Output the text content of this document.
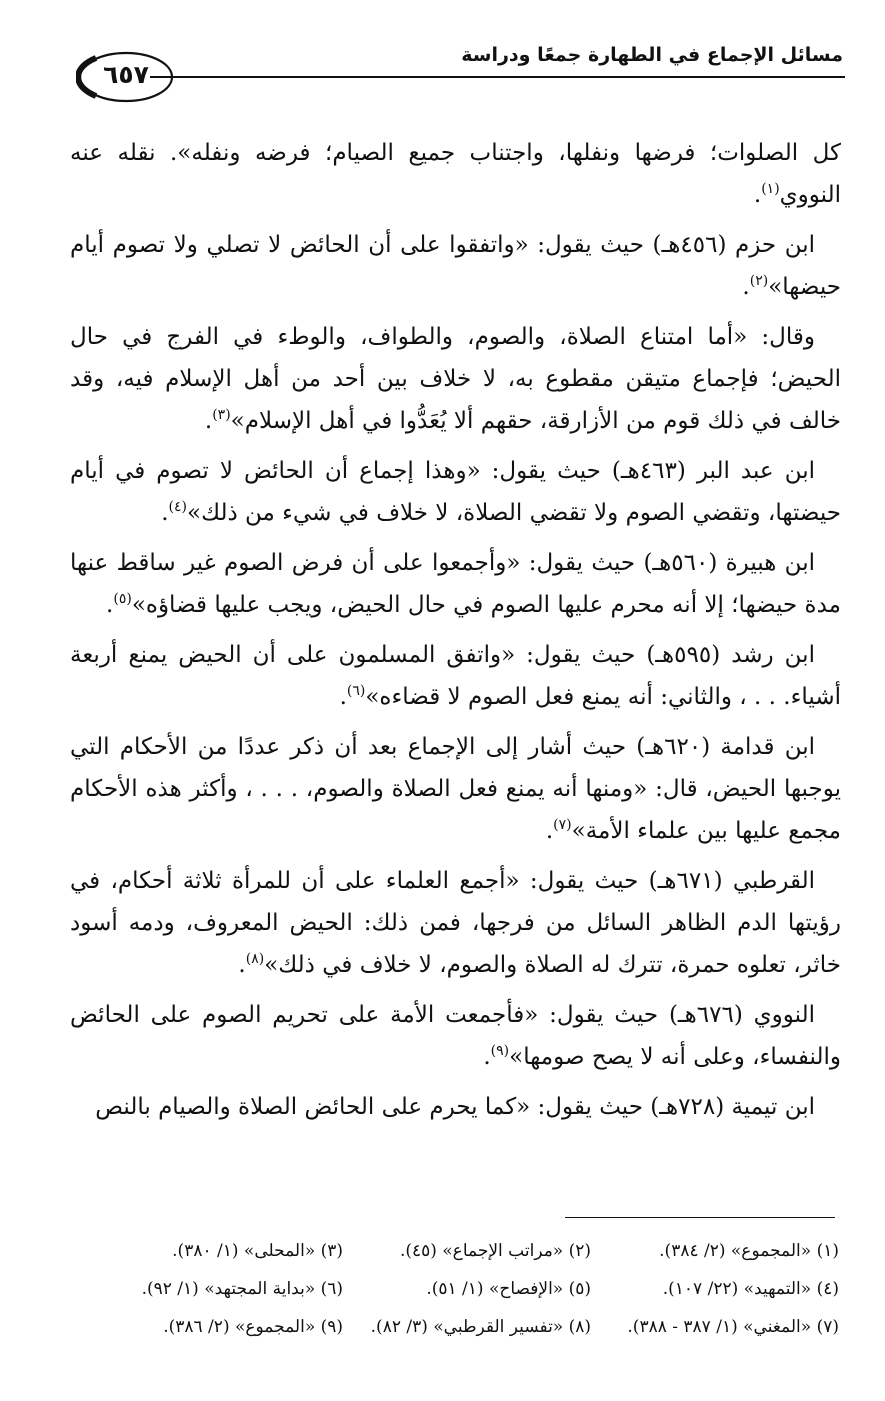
مسائل الإجماع في الطهارة جمعًا ودراسة
٦٥٧

كل الصلوات؛ فرضها ونفلها، واجتناب جميع الصيام؛ فرضه ونفله». نقله عنه النووي$^{(١)}$.

ابن حزم (٤٥٦هـ) حيث يقول: «واتفقوا على أن الحائض لا تصلي ولا تصوم أيام حيضها»$^{(٢)}$.

وقال: «أما امتناع الصلاة، والصوم، والطواف، والوطء في الفرج في حال الحيض؛ فإجماع متيقن مقطوع به، لا خلاف بين أحد من أهل الإسلام فيه، وقد خالف في ذلك قوم من الأزارقة، حقهم ألا يُعَدُّوا في أهل الإسلام»$^{(٣)}$.

ابن عبد البر (٤٦٣هـ) حيث يقول: «وهذا إجماع أن الحائض لا تصوم في أيام حيضتها، وتقضي الصوم ولا تقضي الصلاة، لا خلاف في شيء من ذلك»$^{(٤)}$.

ابن هبيرة (٥٦٠هـ) حيث يقول: «وأجمعوا على أن فرض الصوم غير ساقط عنها مدة حيضها؛ إلا أنه محرم عليها الصوم في حال الحيض، ويجب عليها قضاؤه»$^{(٥)}$.

ابن رشد (٥٩٥هـ) حيث يقول: «واتفق المسلمون على أن الحيض يمنع أربعة أشياء. . . ، والثاني: أنه يمنع فعل الصوم لا قضاءه»$^{(٦)}$.

ابن قدامة (٦٢٠هـ) حيث أشار إلى الإجماع بعد أن ذكر عددًا من الأحكام التي يوجبها الحيض، قال: «ومنها أنه يمنع فعل الصلاة والصوم، . . . ، وأكثر هذه الأحكام مجمع عليها بين علماء الأمة»$^{(٧)}$.

القرطبي (٦٧١هـ) حيث يقول: «أجمع العلماء على أن للمرأة ثلاثة أحكام، في رؤيتها الدم الظاهر السائل من فرجها، فمن ذلك: الحيض المعروف، ودمه أسود خاثر، تعلوه حمرة، تترك له الصلاة والصوم، لا خلاف في ذلك»$^{(٨)}$.

النووي (٦٧٦هـ) حيث يقول: «فأجمعت الأمة على تحريم الصوم على الحائض والنفساء، وعلى أنه لا يصح صومها»$^{(٩)}$.

ابن تيمية (٧٢٨هـ) حيث يقول: «كما يحرم على الحائض الصلاة والصيام بالنص

(١) «المجموع» (٢/ ٣٨٤).
(٢) «مراتب الإجماع» (٤٥).
(٣) «المحلى» (١/ ٣٨٠).
(٤) «التمهيد» (٢٢/ ١٠٧).
(٥) «الإفصاح» (١/ ٥١).
(٦) «بداية المجتهد» (١/ ٩٢).
(٧) «المغني» (١/ ٣٨٧ - ٣٨٨).
(٨) «تفسير القرطبي» (٣/ ٨٢).
(٩) «المجموع» (٢/ ٣٨٦).
